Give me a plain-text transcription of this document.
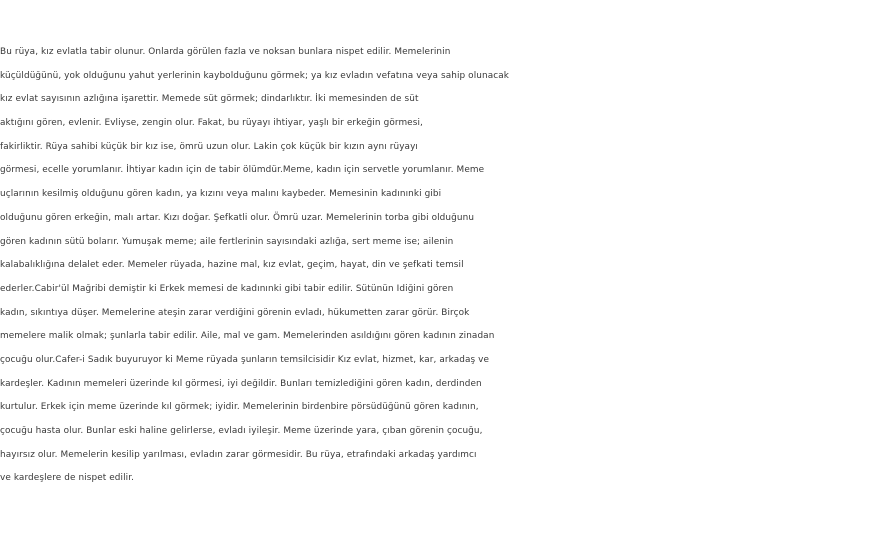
Bu rüya, kız evlatla tabir olunur. Onlarda görülen fazla ve noksan bunlara nispet edilir. Memelerinin
küçüldüğünü, yok olduğunu yahut yerlerinin kaybolduğunu görmek; ya kız evladın vefatına veya sahip olunacak
kız evlat sayısının azlığına işarettir. Memede süt görmek; dindarlıktır. İki memesinden de süt
aktığını gören, evlenir. Evliyse, zengin olur. Fakat, bu rüyayı ihtiyar, yaşlı bir erkeğin görmesi,
fakirliktir. Rüya sahibi küçük bir kız ise, ömrü uzun olur. Lakin çok küçük bir kızın aynı rüyayı
görmesi, ecelle yorumlanır. İhtiyar kadın için de tabir ölümdür.Meme, kadın için servetle yorumlanır. Meme
uçlarının kesilmiş olduğunu gören kadın, ya kızını veya malını kaybeder. Memesinin kadınınki gibi
olduğunu gören erkeğin, malı artar. Kızı doğar. Şefkatli olur. Ömrü uzar. Memelerinin torba gibi olduğunu
gören kadının sütü bolarır. Yumuşak meme; aile fertlerinin sayısındaki azlığa, sert meme ise; ailenin
kalabalıklığına delalet eder. Memeler rüyada, hazine mal, kız evlat, geçim, hayat, din ve şefkati temsil
ederler.Cabir'ül Mağribi demiştir ki Erkek memesi de kadınınki gibi tabir edilir. Sütünün Idiğini gören
kadın, sıkıntıya düşer. Memelerine ateşin zarar verdiğini görenin evladı, hükumetten zarar görür. Birçok
memelere malik olmak; şunlarla tabir edilir. Aile, mal ve gam. Memelerinden asıldığını gören kadının zinadan
çocuğu olur.Cafer-i Sadık buyuruyor ki Meme rüyada şunların temsilcisidir Kız evlat, hizmet, kar, arkadaş ve
kardeşler. Kadının memeleri üzerinde kıl görmesi, iyi değildir. Bunları temizlediğini gören kadın, derdinden
kurtulur. Erkek için meme üzerinde kıl görmek; iyidir. Memelerinin birdenbire pörsüdüğünü gören kadının,
çocuğu hasta olur. Bunlar eski haline gelirlerse, evladı iyileşir. Meme üzerinde yara, çıban görenin çocuğu,
hayırsız olur. Memelerin kesilip yarılması, evladın zarar görmesidir. Bu rüya, etrafındaki arkadaş yardımcı
ve kardeşlere de nispet edilir.
